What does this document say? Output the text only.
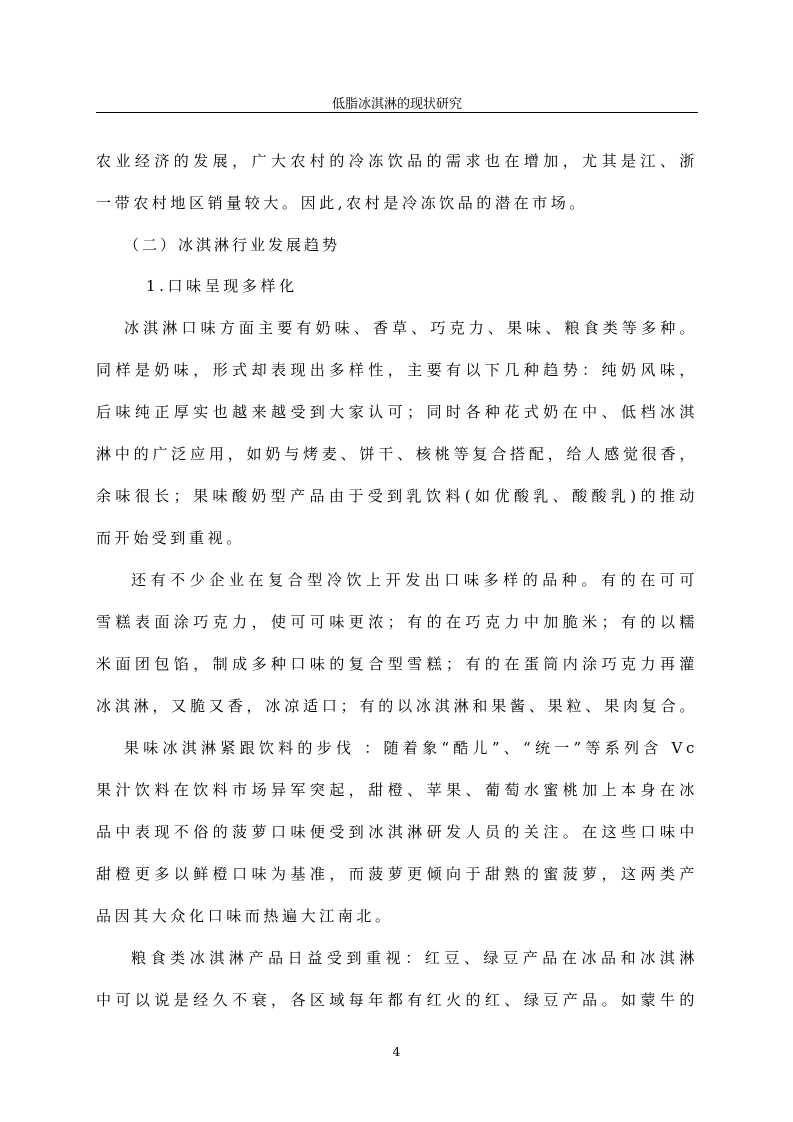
低脂冰淇淋的现状研究
农业经济的发展，广大农村的冷冻饮品的需求也在增加，尤其是江、浙
一带农村地区销量较大。因此,农村是冷冻饮品的潜在市场。
（二）冰淇淋行业发展趋势
1.口味呈现多样化
冰淇淋口味方面主要有奶味、香草、巧克力、果味、粮食类等多种。
同样是奶味，形式却表现出多样性，主要有以下几种趋势：纯奶风味，
后味纯正厚实也越来越受到大家认可；同时各种花式奶在中、低档冰淇
淋中的广泛应用，如奶与烤麦、饼干、核桃等复合搭配，给人感觉很香，
余味很长；果味酸奶型产品由于受到乳饮料(如优酸乳、酸酸乳)的推动
而开始受到重视。
还有不少企业在复合型冷饮上开发出口味多样的品种。有的在可可
雪糕表面涂巧克力，使可可味更浓；有的在巧克力中加脆米；有的以糯
米面团包馅，制成多种口味的复合型雪糕；有的在蛋筒内涂巧克力再灌
冰淇淋，又脆又香，冰凉适口；有的以冰淇淋和果酱、果粒、果肉复合。
果味冰淇淋紧跟饮料的步伐 ：随着象“酷儿”、“统一”等系列含 Vc
果汁饮料在饮料市场异军突起，甜橙、苹果、葡萄水蜜桃加上本身在冰
品中表现不俗的菠萝口味便受到冰淇淋研发人员的关注。在这些口味中
甜橙更多以鲜橙口味为基准，而菠萝更倾向于甜熟的蜜菠萝，这两类产
品因其大众化口味而热遍大江南北。
粮食类冰淇淋产品日益受到重视：红豆、绿豆产品在冰品和冰淇淋
中可以说是经久不衰，各区域每年都有红火的红、绿豆产品。如蒙牛的
4
